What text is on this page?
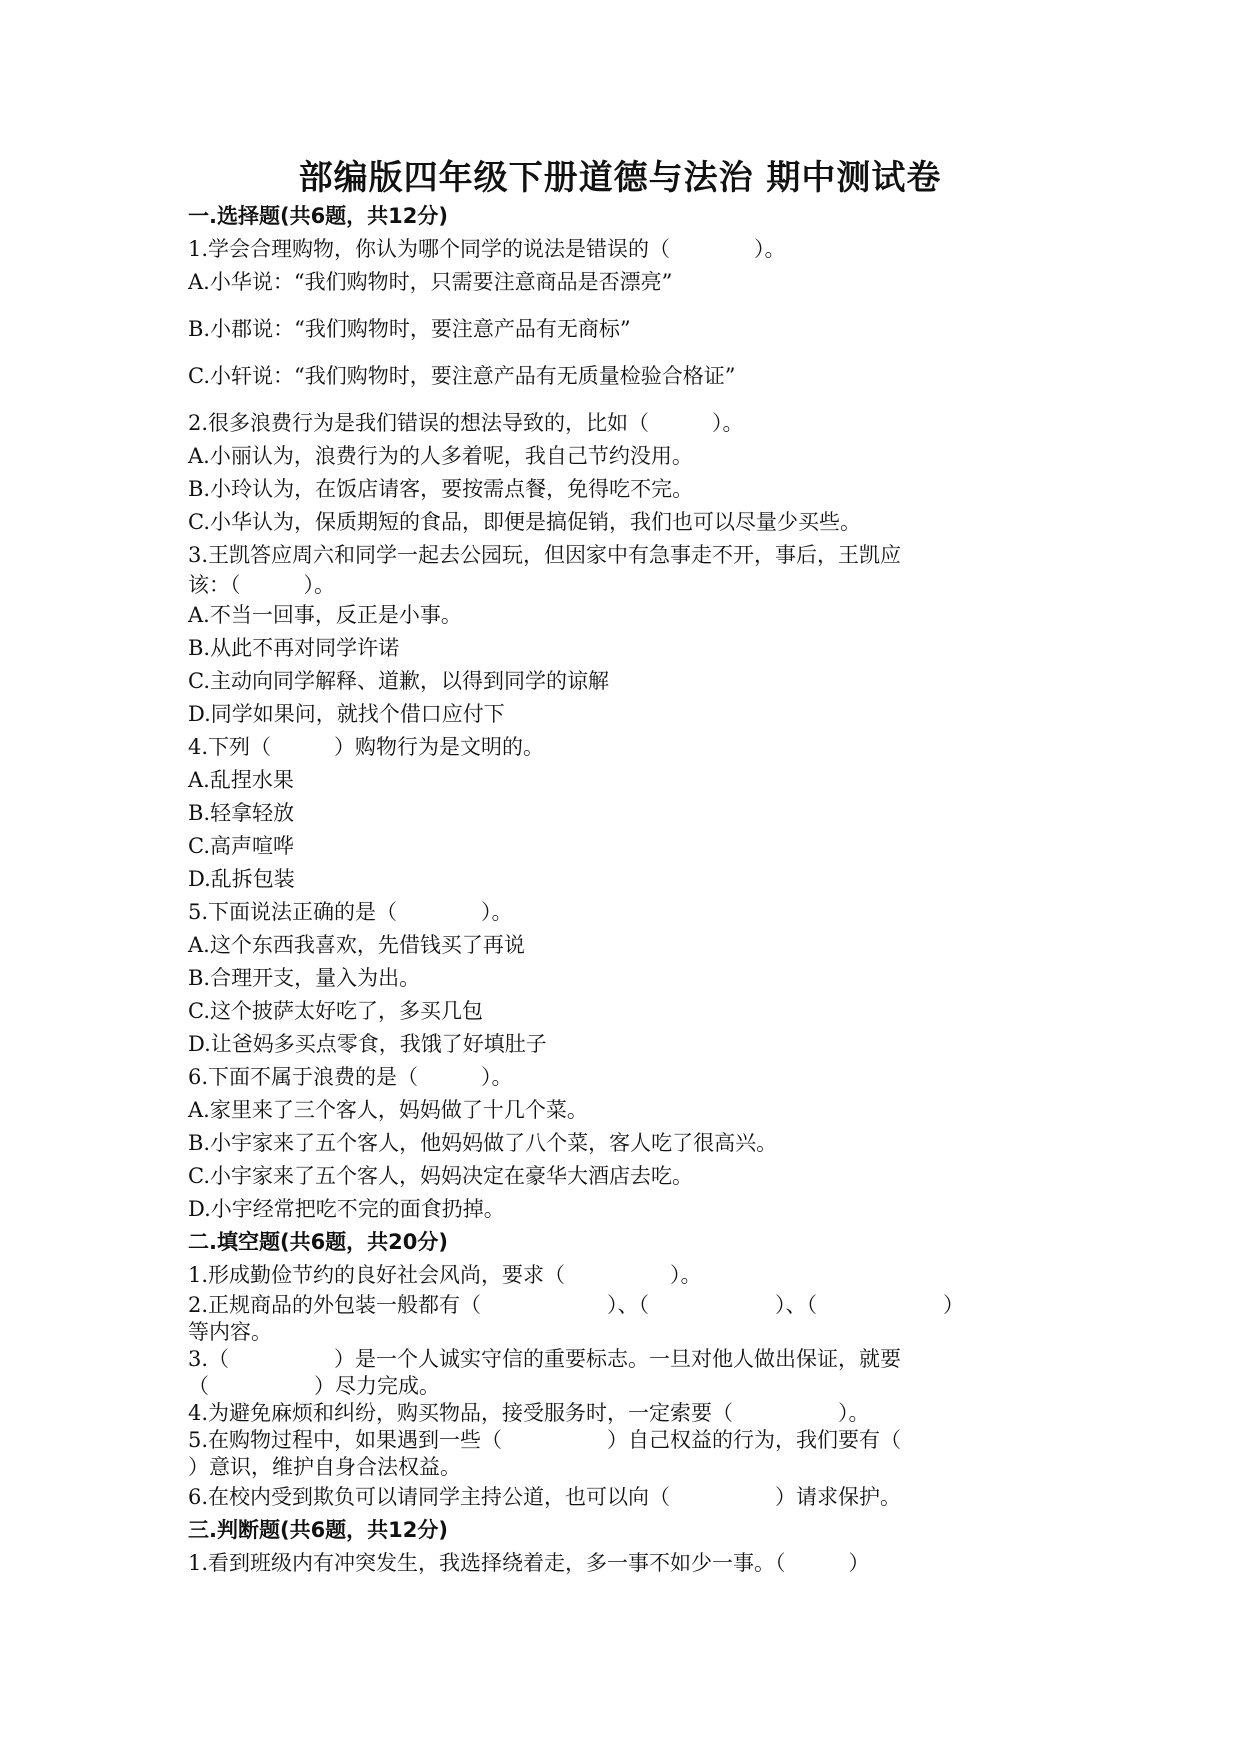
部编版四年级下册道德与法治 期中测试卷

一.选择题(共6题，共12分)

1.学会合理购物，你认为哪个同学的说法是错误的（　　　　）。

A.小华说：“我们购物时，只需要注意商品是否漂亮”

B.小郡说：“我们购物时，要注意产品有无商标”

C.小轩说：“我们购物时，要注意产品有无质量检验合格证”

2.很多浪费行为是我们错误的想法导致的，比如（　　　）。

A.小丽认为，浪费行为的人多着呢，我自己节约没用。

B.小玲认为，在饭店请客，要按需点餐，免得吃不完。

C.小华认为，保质期短的食品，即便是搞促销，我们也可以尽量少买些。

3.王凯答应周六和同学一起去公园玩，但因家中有急事走不开，事后，王凯应

该：（　　　）。

A.不当一回事，反正是小事。

B.从此不再对同学许诺

C.主动向同学解释、道歉，以得到同学的谅解

D.同学如果问，就找个借口应付下

4.下列（　　　）购物行为是文明的。

A.乱捏水果

B.轻拿轻放

C.高声喧哗

D.乱拆包装

5.下面说法正确的是（　　　　）。

A.这个东西我喜欢，先借钱买了再说

B.合理开支，量入为出。

C.这个披萨太好吃了，多买几包

D.让爸妈多买点零食，我饿了好填肚子

6.下面不属于浪费的是（　　　）。

A.家里来了三个客人，妈妈做了十几个菜。

B.小宇家来了五个客人，他妈妈做了八个菜，客人吃了很高兴。

C.小宇家来了五个客人，妈妈决定在豪华大酒店去吃。

D.小宇经常把吃不完的面食扔掉。

二.填空题(共6题，共20分)

1.形成勤俭节约的良好社会风尚，要求（　　　　　）。

2.正规商品的外包装一般都有（　　　　　　）、（　　　　　　）、（　　　　　　）

等内容。

3.（　　　　　）是一个人诚实守信的重要标志。一旦对他人做出保证，就要

（　　　　　）尽力完成。

4.为避免麻烦和纠纷，购买物品，接受服务时，一定索要（　　　　　）。

5.在购物过程中，如果遇到一些（　　　　　）自己权益的行为，我们要有（

）意识，维护自身合法权益。

6.在校内受到欺负可以请同学主持公道，也可以向（　　　　　）请求保护。

三.判断题(共6题，共12分)

1.看到班级内有冲突发生，我选择绕着走，多一事不如少一事。（　　　）
